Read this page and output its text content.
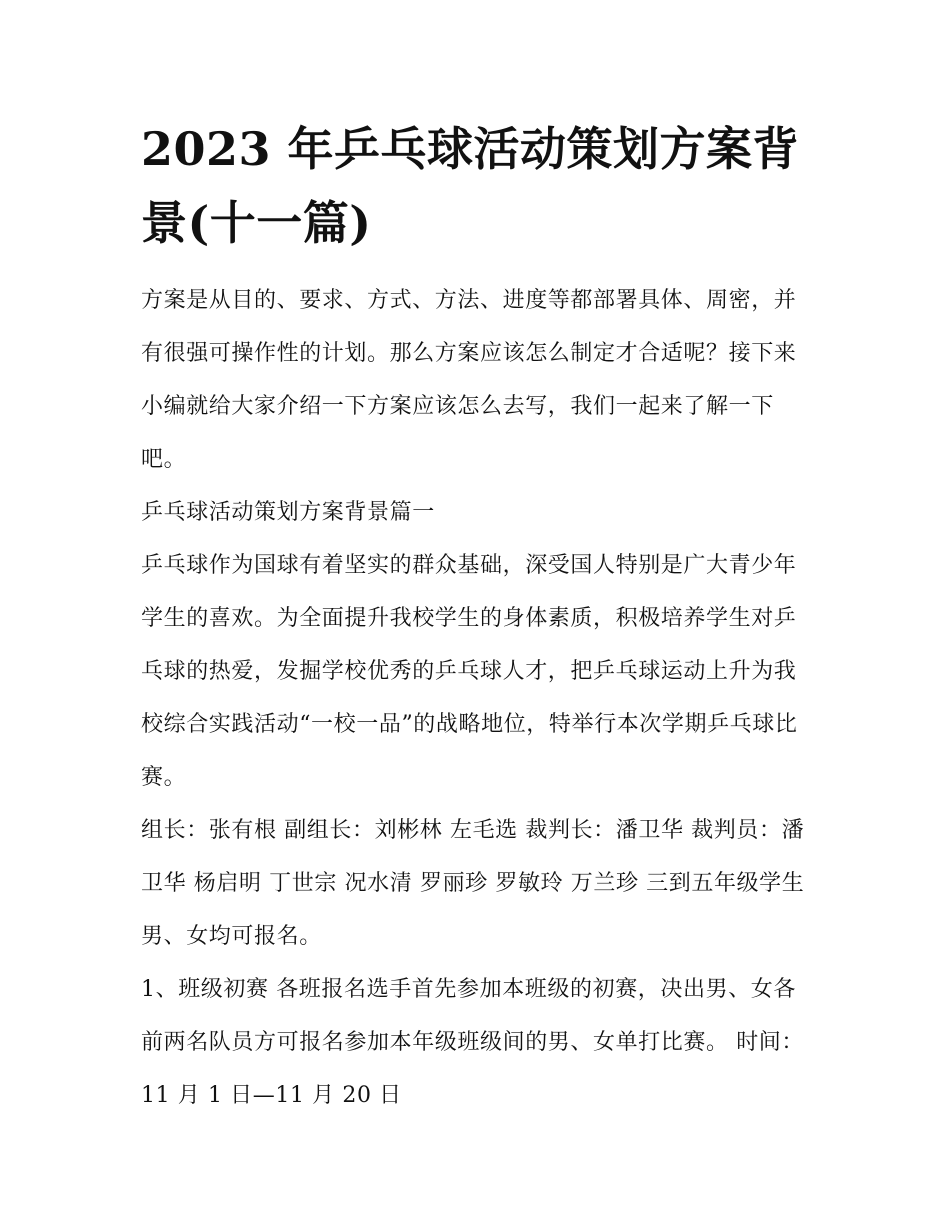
2023 年乒乓球活动策划方案背景(十一篇)

方案是从目的、要求、方式、方法、进度等都部署具体、周密，并有很强可操作性的计划。那么方案应该怎么制定才合适呢？接下来小编就给大家介绍一下方案应该怎么去写，我们一起来了解一下吧。

乒乓球活动策划方案背景篇一

乒乓球作为国球有着坚实的群众基础，深受国人特别是广大青少年学生的喜欢。为全面提升我校学生的身体素质，积极培养学生对乒乓球的热爱，发掘学校优秀的乒乓球人才，把乒乓球运动上升为我校综合实践活动“一校一品”的战略地位，特举行本次学期乒乓球比赛。

组长：张有根 副组长：刘彬林 左毛选 裁判长：潘卫华 裁判员：潘卫华 杨启明 丁世宗 况水清 罗丽珍 罗敏玲 万兰珍 三到五年级学生男、女均可报名。

1、班级初赛 各班报名选手首先参加本班级的初赛，决出男、女各前两名队员方可报名参加本年级班级间的男、女单打比赛。 时间：11 月 1 日—11 月 20 日
